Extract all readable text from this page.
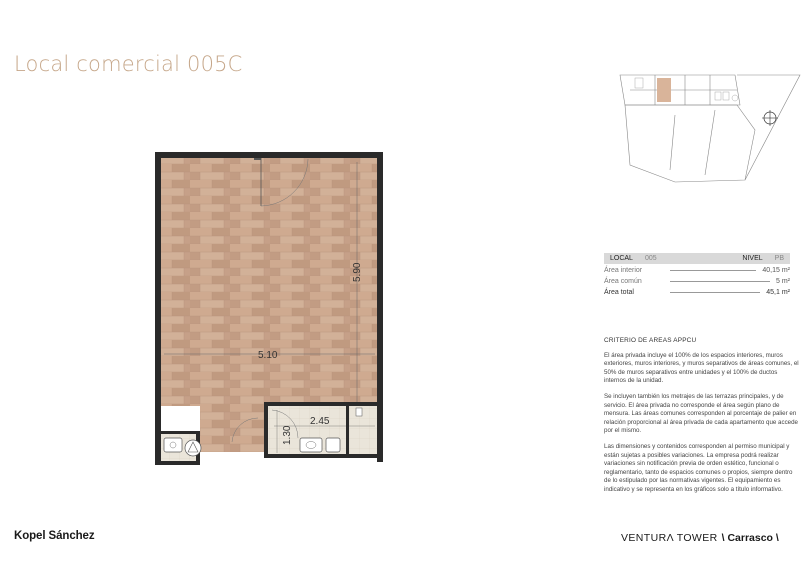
Local comercial 005C
5.90
5.10
2.45
1.30
LOCAL 005	NIVEL PB
Área interior	40,15 m²
Área común	5 m²
Área total	45,1 m²
CRITERIO DE AREAS APPCU

El área privada incluye el 100% de los espacios interiores, muros exteriores, muros interiores, y muros separativos de áreas comunes, el 50% de muros separativos entre unidades y el 100% de ductos internos de la unidad.

Se incluyen también los metrajes de las terrazas principales, y de servicio. El área privada no corresponde el área según plano de mensura. Las áreas comunes corresponden al porcentaje de palier en relación proporcional al área privada de cada apartamento que accede por el mismo.

Las dimensiones y contenidos corresponden al permiso municipal y están sujetas a posibles variaciones. La empresa podrá realizar variaciones sin notificación previa de orden estético, funcional o reglamentario, tanto de espacios comunes o propios, siempre dentro de lo estipulado por las normativas vigentes. El equipamiento es indicativo y se representa en los gráficos solo a título informativo.

Kopel Sánchez	VENTURΛ TOWER \ Carrasco \
